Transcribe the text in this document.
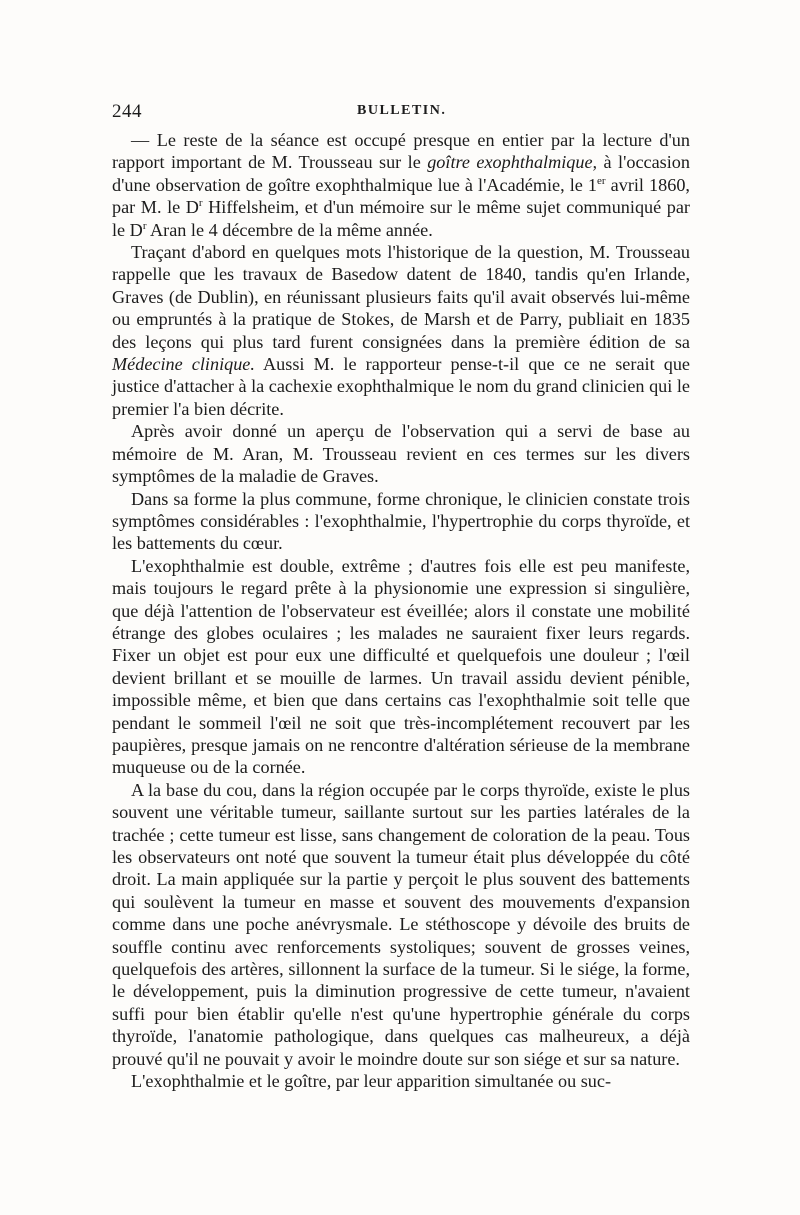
244	BULLETIN.

— Le reste de la séance est occupé presque en entier par la lecture d'un rapport important de M. Trousseau sur le goître exophthalmique, à l'occasion d'une observation de goître exophthalmique lue à l'Académie, le 1er avril 1860, par M. le $D^r$ Hiffelsheim, et d'un mémoire sur le même sujet communiqué par le $D^r$ Aran le 4 décembre de la même année.

Traçant d'abord en quelques mots l'historique de la question, M. Trousseau rappelle que les travaux de Basedow datent de 1840, tandis qu'en Irlande, Graves (de Dublin), en réunissant plusieurs faits qu'il avait observés lui-même ou empruntés à la pratique de Stokes, de Marsh et de Parry, publiait en 1835 des leçons qui plus tard furent consignées dans la première édition de sa Médecine clinique. Aussi M. le rapporteur pense-t-il que ce ne serait que justice d'attacher à la cachexie exophthalmique le nom du grand clinicien qui le premier l'a bien décrite.

Après avoir donné un aperçu de l'observation qui a servi de base au mémoire de M. Aran, M. Trousseau revient en ces termes sur les divers symptômes de la maladie de Graves.

Dans sa forme la plus commune, forme chronique, le clinicien constate trois symptômes considérables : l'exophthalmie, l'hypertrophie du corps thyroïde, et les battements du cœur.

L'exophthalmie est double, extrême ; d'autres fois elle est peu manifeste, mais toujours le regard prête à la physionomie une expression si singulière, que déjà l'attention de l'observateur est éveillée; alors il constate une mobilité étrange des globes oculaires ; les malades ne sauraient fixer leurs regards. Fixer un objet est pour eux une difficulté et quelquefois une douleur ; l'œil devient brillant et se mouille de larmes. Un travail assidu devient pénible, impossible même, et bien que dans certains cas l'exophthalmie soit telle que pendant le sommeil l'œil ne soit que très-incomplétement recouvert par les paupières, presque jamais on ne rencontre d'altération sérieuse de la membrane muqueuse ou de la cornée.

A la base du cou, dans la région occupée par le corps thyroïde, existe le plus souvent une véritable tumeur, saillante surtout sur les parties latérales de la trachée ; cette tumeur est lisse, sans changement de coloration de la peau. Tous les observateurs ont noté que souvent la tumeur était plus développée du côté droit. La main appliquée sur la partie y perçoit le plus souvent des battements qui soulèvent la tumeur en masse et souvent des mouvements d'expansion comme dans une poche anévrysmale. Le stéthoscope y dévoile des bruits de souffle continu avec renforcements systoliques; souvent de grosses veines, quelquefois des artères, sillonnent la surface de la tumeur. Si le siége, la forme, le développement, puis la diminution progressive de cette tumeur, n'avaient suffi pour bien établir qu'elle n'est qu'une hypertrophie générale du corps thyroïde, l'anatomie pathologique, dans quelques cas malheureux, a déjà prouvé qu'il ne pouvait y avoir le moindre doute sur son siége et sur sa nature.

L'exophthalmie et le goître, par leur apparition simultanée ou suc-
